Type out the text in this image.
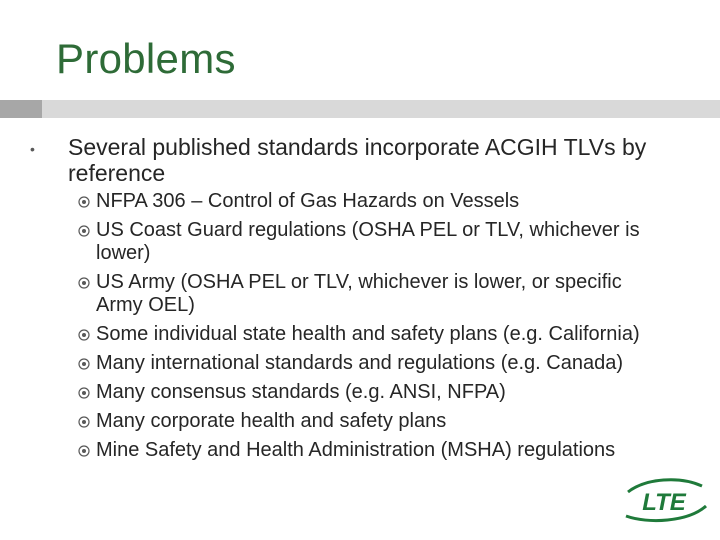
Problems
• Several published standards incorporate ACGIH TLVs by reference
NFPA 306 – Control of Gas Hazards on Vessels
US Coast Guard regulations (OSHA PEL or TLV, whichever is lower)
US Army (OSHA PEL or TLV, whichever is lower, or specific Army OEL)
Some individual state health and safety plans (e.g. California)
Many international standards and regulations (e.g. Canada)
Many consensus standards (e.g. ANSI, NFPA)
Many corporate health and safety plans
Mine Safety and Health Administration (MSHA) regulations
LTE
